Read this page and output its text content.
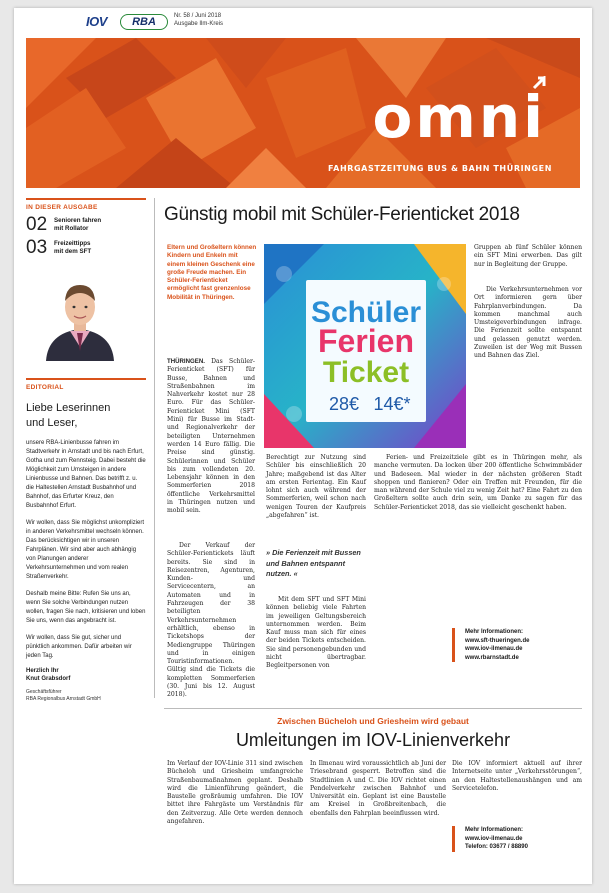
IOV	RBA	Nr. 58 / Juni 2018
Ausgabe Ilm-Kreis
omni
FAHRGASTZEITUNG BUS & BAHN THÜRINGEN
IN DIESER AUSGABE
02	Senioren fahren
mit Rollator
03	Freizeittipps
mit dem SFT
EDITORIAL
Liebe Leserinnen
und Leser,

unsere RBA-Linienbusse fahren im Stadtverkehr in Arnstadt und bis nach Erfurt, Gotha und zum Rennsteig. Dabei besteht die Möglichkeit zum Umsteigen in andere Linienbusse und Bahnen. Das betrifft z. u. die Haltestellen Arnstadt Busbahnhof und Bahnhof, das Erfurter Kreuz, den Busbahnhof Erfurt.

Wir wollen, dass Sie möglichst unkompliziert in anderen Verkehrsmittel wechseln können. Das berücksichtigen wir in unseren Fahrplänen. Wir sind aber auch abhängig von Planungen anderer Verkehrsunternehmen und vom realen Straßenverkehr.

Deshalb meine Bitte: Rufen Sie uns an, wenn Sie solche Verbindungen nutzen wollen, fragen Sie nach, kritisieren und loben Sie uns, wenn das angebracht ist.

Wir wollen, dass Sie gut, sicher und pünktlich ankommen. Dafür arbeiten wir jeden Tag.

Herzlich Ihr
Knut Grabsdorf
Geschäftsführer
RBA Regionalbus Arnstadt GmbH
Günstig mobil mit Schüler-Ferienticket 2018
Eltern und Großeltern können Kindern und Enkeln mit einem kleinen Geschenk eine große Freude machen. Ein Schüler-Ferienticket ermöglicht fast grenzenlose Mobilität in Thüringen.	Schüler
Ferien
Ticket
28€ 14€*
THÜRINGEN. Das Schüler-Ferienticket (SFT) für Busse, Bahnen und Straßenbahnen im Nahverkehr kostet nur 28 Euro. Für das Schüler-Ferienticket Mini (SFT Mini) für Busse im Stadt- und Regionalverkehr der beteiligten Unternehmen werden 14 Euro fällig. Die Preise sind günstig. Schülerinnen und Schüler bis zum vollendeten 20. Lebensjahr können in den Sommerferien 2018 öffentliche Verkehrsmittel in Thüringen nutzen und mobil sein.
Der Verkauf der Schüler-Ferientickets läuft bereits. Sie sind in Reisezentren, Agenturen, Kunden- und Servicecentern, an Automaten und in Fahrzeugen der 38 beteiligten Verkehrsunternehmen erhältlich, ebenso in Ticketshops der Mediengruppe Thüringen und in einigen Touristinformationen. Gültig sind die Tickets die kompletten Sommerferien (30. Juni bis 12. August 2018).
Berechtigt zur Nutzung sind Schüler bis einschließlich 20 Jahre; maßgebend ist das Alter am ersten Ferientag. Ein Kauf lohnt sich auch während der Sommerferien, weil schon nach wenigen Touren der Kaufpreis „abgefahren“ ist.
» Die Ferienzeit mit Bussen und Bahnen entspannt nutzen. «
Mit dem SFT und SFT Mini können beliebig viele Fahrten im jeweiligen Geltungsbereich unternommen werden. Beim Kauf muss man sich für eines der beiden Tickets entscheiden. Sie sind personengebunden und nicht übertragbar. Begleitpersonen von
Gruppen ab fünf Schüler können ein SFT Mini erwerben. Das gilt nur in Begleitung der Gruppe.
Die Verkehrsunternehmen vor Ort informieren gern über Fahrplanverbindungen. Da kommen manchmal auch Umsteigeverbindungen infrage. Die Ferienzeit sollte entspannt und gelassen genutzt werden. Zuweilen ist der Weg mit Bussen und Bahnen das Ziel.
Ferien- und Freizeitziele gibt es in Thüringen mehr, als manche vermuten. Da locken über 200 öffentliche Schwimmbäder und Badeseen. Mal wieder in der nächsten größeren Stadt shoppen und flanieren? Oder ein Treffen mit Freunden, für die man während der Schule viel zu wenig Zeit hat? Eine Fahrt zu den Großeltern sollte auch drin sein, um Danke zu sagen für das Schüler-Ferienticket 2018, das sie vielleicht geschenkt haben.
Mehr Informationen:
www.sft-thueringen.de
www.iov-ilmenau.de
www.rbarnstadt.de
Zwischen Bücheloh und Griesheim wird gebaut
Umleitungen im IOV-Linienverkehr
Im Verlauf der IOV-Linie 311 sind zwischen Bücheloh und Griesheim umfangreiche Straßenbaumaßnahmen geplant. Deshalb wird die Linienführung geändert, die Baustelle großräumig umfahren. Die IOV bittet ihre Fahrgäste um Verständnis für den Zeitverzug. Alle Orte werden dennoch angefahren.
In Ilmenau wird voraussichtlich ab Juni der Triesebrand gesperrt. Betroffen sind die Stadtlinien A und C. Die IOV richtet einen Pendelverkehr zwischen Bahnhof und Universität ein. Geplant ist eine Baustelle am Kreisel in Großbreitenbach, die ebenfalls den Fahrplan beeinflussen wird.
Die IOV informiert aktuell auf ihrer Internetseite unter „Verkehrsstörungen“, an den Haltestellenaushängen und am Servicetelefon.
Mehr Informationen:
www.iov-ilmenau.de
Telefon: 03677 / 88890
